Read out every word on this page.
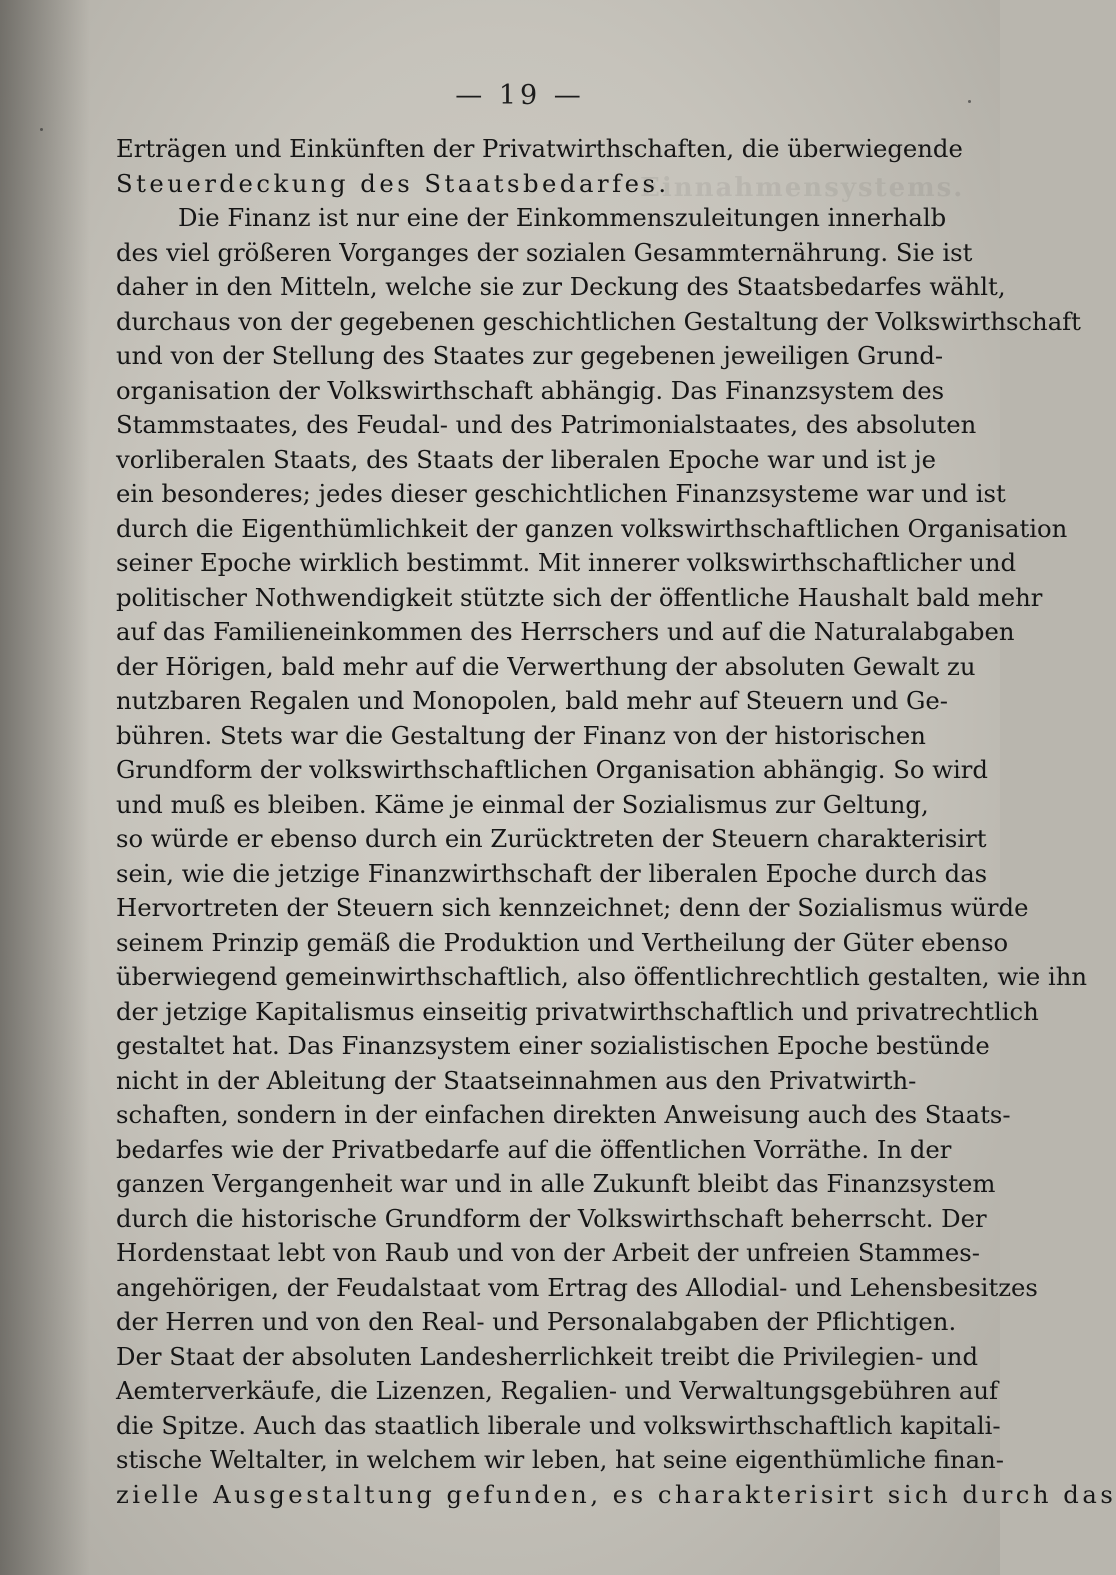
Einnahmensystems.
— 19 —
Erträgen und Einkünften der Privatwirthschaften, die überwiegende
Steuerdeckung des Staatsbedarfes.
Die Finanz ist nur eine der Einkommenszuleitungen innerhalb
des viel größeren Vorganges der sozialen Gesammternährung. Sie ist
daher in den Mitteln, welche sie zur Deckung des Staatsbedarfes wählt,
durchaus von der gegebenen geschichtlichen Gestaltung der Volkswirthschaft
und von der Stellung des Staates zur gegebenen jeweiligen Grund-
organisation der Volkswirthschaft abhängig. Das Finanzsystem des
Stammstaates, des Feudal- und des Patrimonialstaates, des absoluten
vorliberalen Staats, des Staats der liberalen Epoche war und ist je
ein besonderes; jedes dieser geschichtlichen Finanzsysteme war und ist
durch die Eigenthümlichkeit der ganzen volkswirthschaftlichen Organisation
seiner Epoche wirklich bestimmt. Mit innerer volkswirthschaftlicher und
politischer Nothwendigkeit stützte sich der öffentliche Haushalt bald mehr
auf das Familieneinkommen des Herrschers und auf die Naturalabgaben
der Hörigen, bald mehr auf die Verwerthung der absoluten Gewalt zu
nutzbaren Regalen und Monopolen, bald mehr auf Steuern und Ge-
bühren. Stets war die Gestaltung der Finanz von der historischen
Grundform der volkswirthschaftlichen Organisation abhängig. So wird
und muß es bleiben. Käme je einmal der Sozialismus zur Geltung,
so würde er ebenso durch ein Zurücktreten der Steuern charakterisirt
sein, wie die jetzige Finanzwirthschaft der liberalen Epoche durch das
Hervortreten der Steuern sich kennzeichnet; denn der Sozialismus würde
seinem Prinzip gemäß die Produktion und Vertheilung der Güter ebenso
überwiegend gemeinwirthschaftlich, also öffentlichrechtlich gestalten, wie ihn
der jetzige Kapitalismus einseitig privatwirthschaftlich und privatrechtlich
gestaltet hat. Das Finanzsystem einer sozialistischen Epoche bestünde
nicht in der Ableitung der Staatseinnahmen aus den Privatwirth-
schaften, sondern in der einfachen direkten Anweisung auch des Staats-
bedarfes wie der Privatbedarfe auf die öffentlichen Vorräthe. In der
ganzen Vergangenheit war und in alle Zukunft bleibt das Finanzsystem
durch die historische Grundform der Volkswirthschaft beherrscht. Der
Hordenstaat lebt von Raub und von der Arbeit der unfreien Stammes-
angehörigen, der Feudalstaat vom Ertrag des Allodial- und Lehensbesitzes
der Herren und von den Real- und Personalabgaben der Pflichtigen.
Der Staat der absoluten Landesherrlichkeit treibt die Privilegien- und
Aemterverkäufe, die Lizenzen, Regalien- und Verwaltungsgebühren auf
die Spitze. Auch das staatlich liberale und volkswirthschaftlich kapitali-
stische Weltalter, in welchem wir leben, hat seine eigenthümliche finan-
zielle Ausgestaltung gefunden, es charakterisirt sich durch das
